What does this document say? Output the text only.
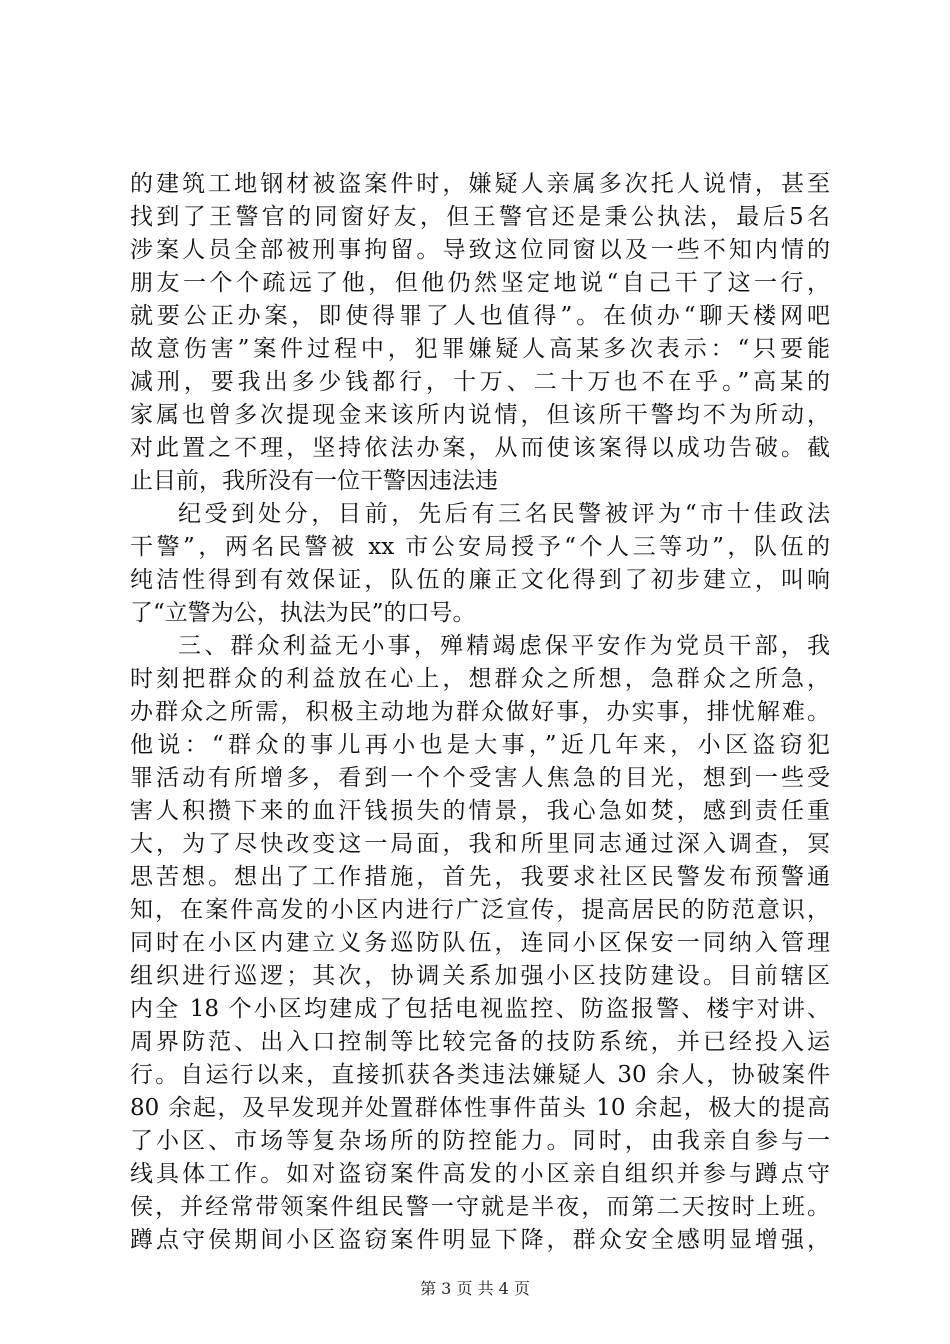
的建筑工地钢材被盗案件时，嫌疑人亲属多次托人说情，甚至
找到了王警官的同窗好友，但王警官还是秉公执法，最后5名
涉案人员全部被刑事拘留。导致这位同窗以及一些不知内情的
朋友一个个疏远了他，但他仍然坚定地说“自己干了这一行，
就要公正办案，即使得罪了人也值得”。在侦办“聊天楼网吧
故意伤害”案件过程中，犯罪嫌疑人高某多次表示：“只要能
减刑，要我出多少钱都行，十万、二十万也不在乎。”高某的
家属也曾多次提现金来该所内说情，但该所干警均不为所动，
对此置之不理，坚持依法办案，从而使该案得以成功告破。截
止目前，我所没有一位干警因违法违
纪受到处分，目前，先后有三名民警被评为“市十佳政法
干警”，两名民警被 xx 市公安局授予“个人三等功”，队伍的
纯洁性得到有效保证，队伍的廉正文化得到了初步建立，叫响
了“立警为公，执法为民”的口号。
三、群众利益无小事，殚精竭虑保平安作为党员干部，我
时刻把群众的利益放在心上，想群众之所想，急群众之所急，
办群众之所需，积极主动地为群众做好事，办实事，排忧解难。
他说：“群众的事儿再小也是大事，”近几年来，小区盗窃犯
罪活动有所增多，看到一个个受害人焦急的目光，想到一些受
害人积攒下来的血汗钱损失的情景，我心急如焚，感到责任重
大，为了尽快改变这一局面，我和所里同志通过深入调查，冥
思苦想。想出了工作措施，首先，我要求社区民警发布预警通
知，在案件高发的小区内进行广泛宣传，提高居民的防范意识，
同时在小区内建立义务巡防队伍，连同小区保安一同纳入管理
组织进行巡逻；其次，协调关系加强小区技防建设。目前辖区
内全 18 个小区均建成了包括电视监控、防盗报警、楼宇对讲、
周界防范、出入口控制等比较完备的技防系统，并已经投入运
行。自运行以来，直接抓获各类违法嫌疑人 30 余人，协破案件
80 余起，及早发现并处置群体性事件苗头 10 余起，极大的提高
了小区、市场等复杂场所的防控能力。同时，由我亲自参与一
线具体工作。如对盗窃案件高发的小区亲自组织并参与蹲点守
侯，并经常带领案件组民警一守就是半夜，而第二天按时上班。
蹲点守侯期间小区盗窃案件明显下降，群众安全感明显增强，
第 3 页 共 4 页
